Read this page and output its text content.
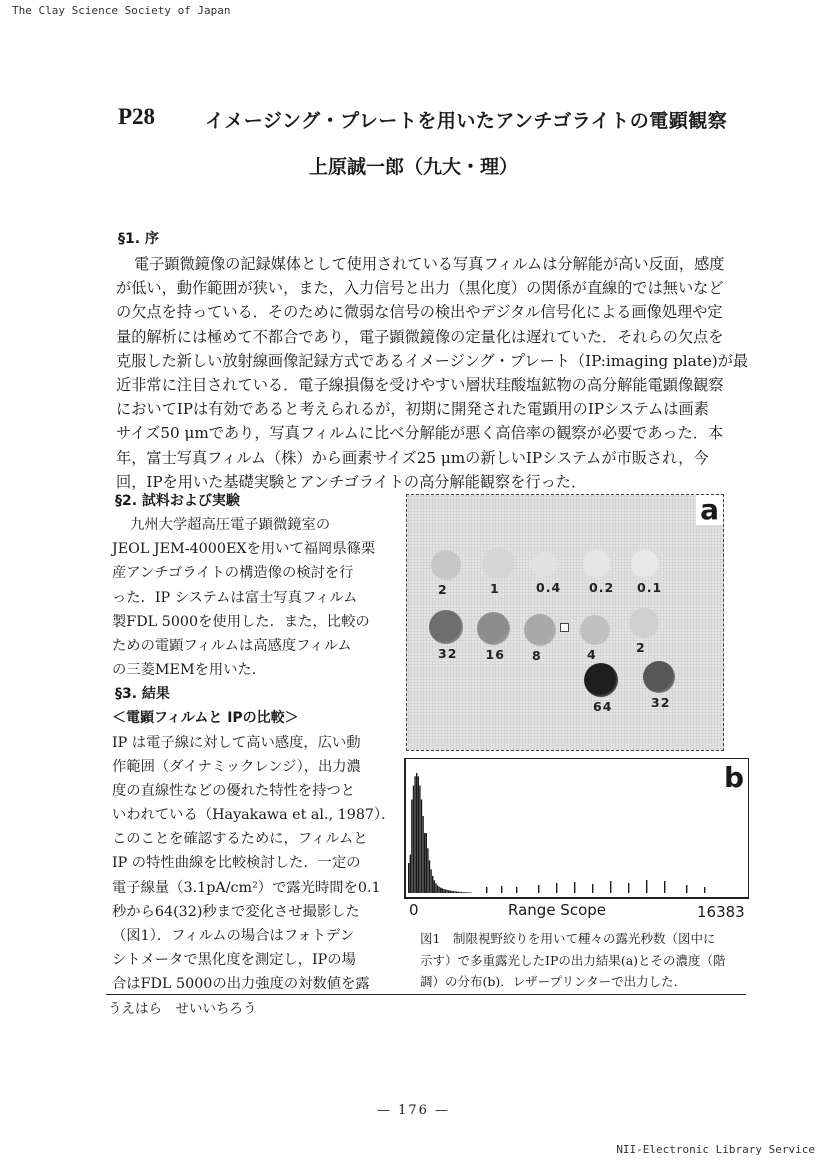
The Clay Science Society of Japan
P28	イメージング・プレートを用いたアンチゴライトの電顕観察
上原誠一郎（九大・理）
§1. 序
電子顕微鏡像の記録媒体として使用されている写真フィルムは分解能が高い反面，感度
が低い，動作範囲が狭い，また，入力信号と出力（黒化度）の関係が直線的では無いなど
の欠点を持っている．そのために微弱な信号の検出やデジタル信号化による画像処理や定
量的解析には極めて不都合であり，電子顕微鏡像の定量化は遅れていた．それらの欠点を
克服した新しい放射線画像記録方式であるイメージング・プレート（IP:imaging plate)が最
近非常に注目されている．電子線損傷を受けやすい層状珪酸塩鉱物の高分解能電顕像観察
においてIPは有効であると考えられるが，初期に開発された電顕用のIPシステムは画素
サイズ50 μmであり，写真フィルムに比べ分解能が悪く高倍率の観察が必要であった．本
年，富士写真フィルム（株）から画素サイズ25 μmの新しいIPシステムが市販され，今
回，IPを用いた基礎実験とアンチゴライトの高分解能観察を行った．
§2. 試料および実験
九州大学超高圧電子顕微鏡室の
JEOL JEM-4000EXを用いて福岡県篠栗
産アンチゴライトの構造像の検討を行
った．IP システムは富士写真フィルム
製FDL 5000を使用した．また，比較の
ための電顕フィルムは高感度フィルム
の三菱MEMを用いた．
§3. 結果
＜電顕フィルムと IPの比較＞
IP は電子線に対して高い感度，広い動
作範囲（ダイナミックレンジ），出力濃
度の直線性などの優れた特性を持つと
いわれている（Hayakawa et al., 1987）．
このことを確認するために，フィルムと
IP の特性曲線を比較検討した．一定の
電子線量（3.1pA/cm²）で露光時間を0.1
秒から64(32)秒まで変化させ撮影した
（図1）．フィルムの場合はフォトデン
シトメータで黒化度を測定し，IPの場
合はFDL 5000の出力強度の対数値を露
a
2	1	0.4 0.2 0.1
32 16 8	4	2
64	32
b
0	Range Scope	16383
図1　制限視野絞りを用いて種々の露光秒数（図中に
示す）で多重露光したIPの出力結果(a)とその濃度（階
調）の分布(b)．レザープリンターで出力した．
うえはら　せいいちろう
— 176 —
NII-Electronic Library Service
